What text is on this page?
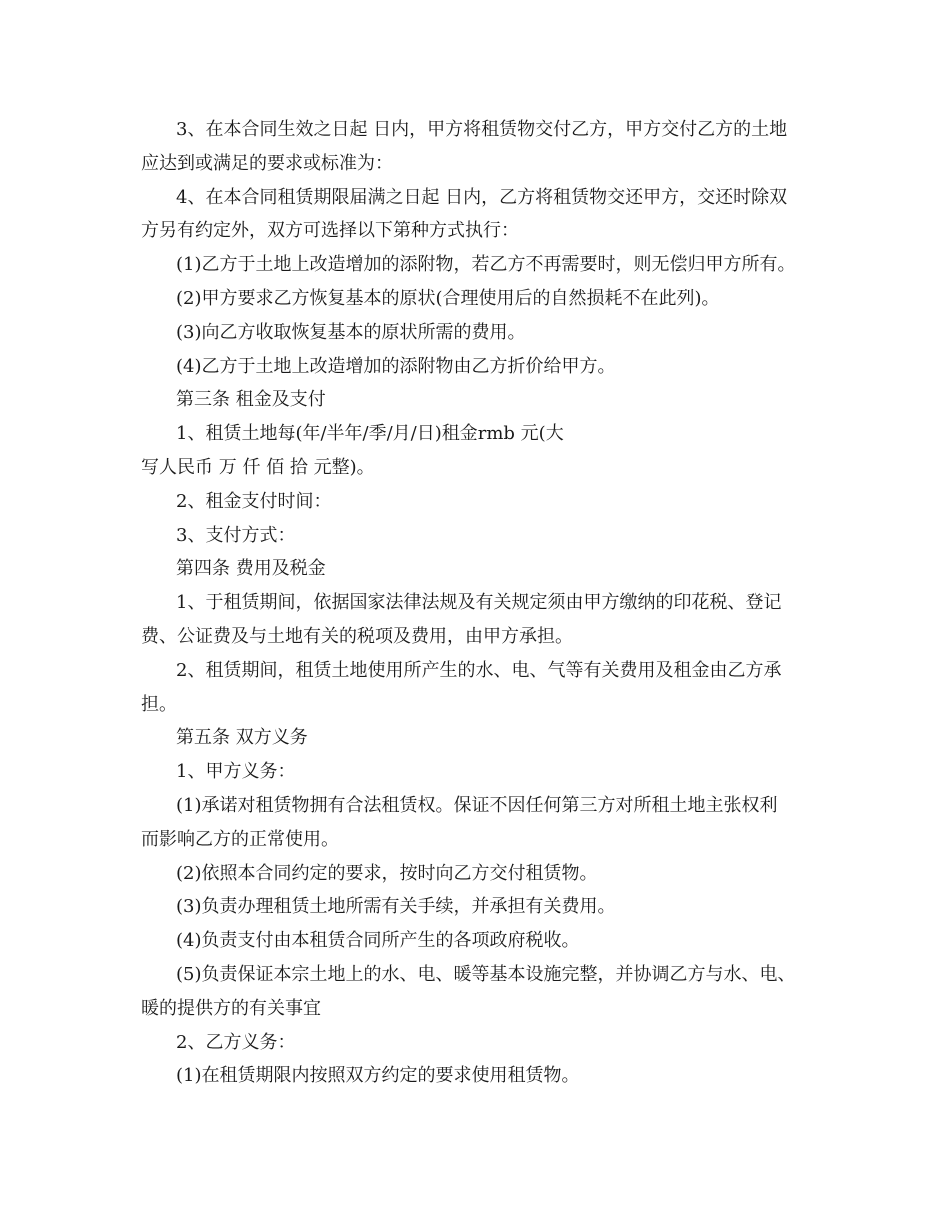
3、在本合同生效之日起 日内，甲方将租赁物交付乙方，甲方交付乙方的土地
应达到或满足的要求或标准为：
4、在本合同租赁期限届满之日起 日内，乙方将租赁物交还甲方，交还时除双
方另有约定外，双方可选择以下第种方式执行：
(1)乙方于土地上改造增加的添附物，若乙方不再需要时，则无偿归甲方所有。
(2)甲方要求乙方恢复基本的原状(合理使用后的自然损耗不在此列)。
(3)向乙方收取恢复基本的原状所需的费用。
(4)乙方于土地上改造增加的添附物由乙方折价给甲方。
第三条 租金及支付
1、租赁土地每(年/半年/季/月/日)租金rmb 元(大
写人民币 万 仟 佰 拾 元整)。
2、租金支付时间：
3、支付方式：
第四条 费用及税金
1、于租赁期间，依据国家法律法规及有关规定须由甲方缴纳的印花税、登记
费、公证费及与土地有关的税项及费用，由甲方承担。
2、租赁期间，租赁土地使用所产生的水、电、气等有关费用及租金由乙方承
担。
第五条 双方义务
1、甲方义务：
(1)承诺对租赁物拥有合法租赁权。保证不因任何第三方对所租土地主张权利
而影响乙方的正常使用。
(2)依照本合同约定的要求，按时向乙方交付租赁物。
(3)负责办理租赁土地所需有关手续，并承担有关费用。
(4)负责支付由本租赁合同所产生的各项政府税收。
(5)负责保证本宗土地上的水、电、暖等基本设施完整，并协调乙方与水、电、
暖的提供方的有关事宜
2、乙方义务：
(1)在租赁期限内按照双方约定的要求使用租赁物。
